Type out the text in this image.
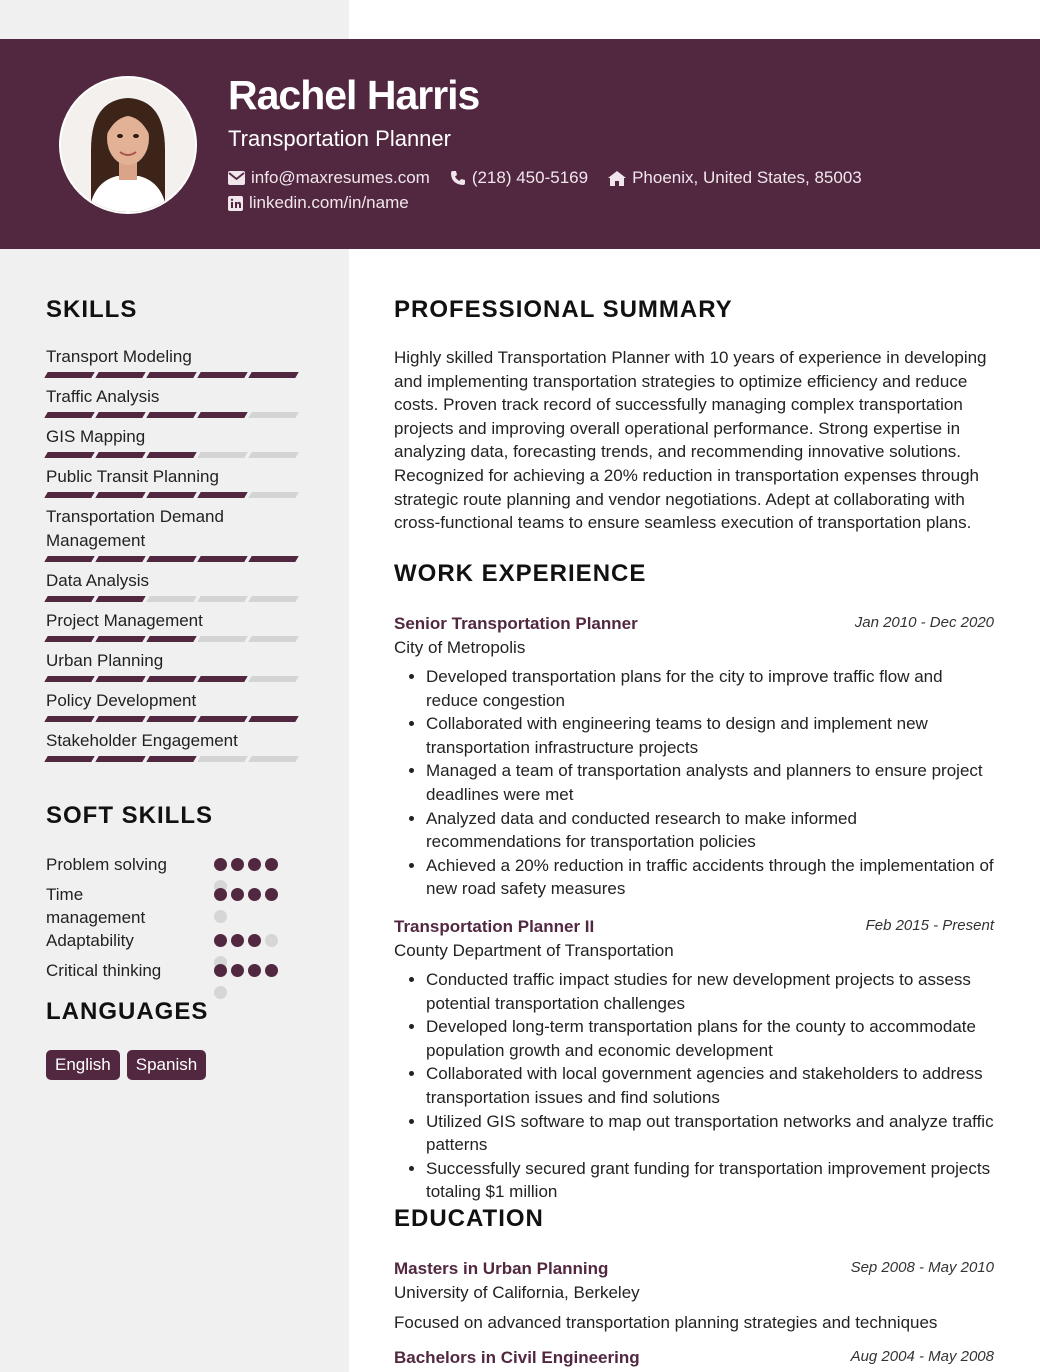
Rachel Harris
Transportation Planner
info@maxresumes.com (218) 450-5169	Phoenix, United States, 85003
linkedin.com/in/name
SKILLS
Transport Modeling
Traffic Analysis
GIS Mapping
Public Transit Planning
Transportation Demand Management
Data Analysis
Project Management
Urban Planning
Policy Development
Stakeholder Engagement
SOFT SKILLS
Problem solving
Time management
Adaptability
Critical thinking
LANGUAGES
English	Spanish
PROFESSIONAL SUMMARY

Highly skilled Transportation Planner with 10 years of experience in developing and implementing transportation strategies to optimize efficiency and reduce costs. Proven track record of successfully managing complex transportation projects and improving overall operational performance. Strong expertise in analyzing data, forecasting trends, and recommending innovative solutions. Recognized for achieving a 20% reduction in transportation expenses through strategic route planning and vendor negotiations. Adept at collaborating with cross-functional teams to ensure seamless execution of transportation plans.

WORK EXPERIENCE
Senior Transportation Planner	Jan 2010 - Dec 2020
City of Metropolis
• Developed transportation plans for the city to improve traffic flow and reduce congestion
• Collaborated with engineering teams to design and implement new transportation infrastructure projects
• Managed a team of transportation analysts and planners to ensure project deadlines were met
• Analyzed data and conducted research to make informed recommendations for transportation policies
• Achieved a 20% reduction in traffic accidents through the implementation of new road safety measures
Transportation Planner II	Feb 2015 - Present
County Department of Transportation
• Conducted traffic impact studies for new development projects to assess potential transportation challenges
• Developed long-term transportation plans for the county to accommodate population growth and economic development
• Collaborated with local government agencies and stakeholders to address transportation issues and find solutions
• Utilized GIS software to map out transportation networks and analyze traffic patterns
• Successfully secured grant funding for transportation improvement projects totaling $1 million
EDUCATION
Masters in Urban Planning	Sep 2008 - May 2010
University of California, Berkeley
Focused on advanced transportation planning strategies and techniques
Bachelors in Civil Engineering	Aug 2004 - May 2008
